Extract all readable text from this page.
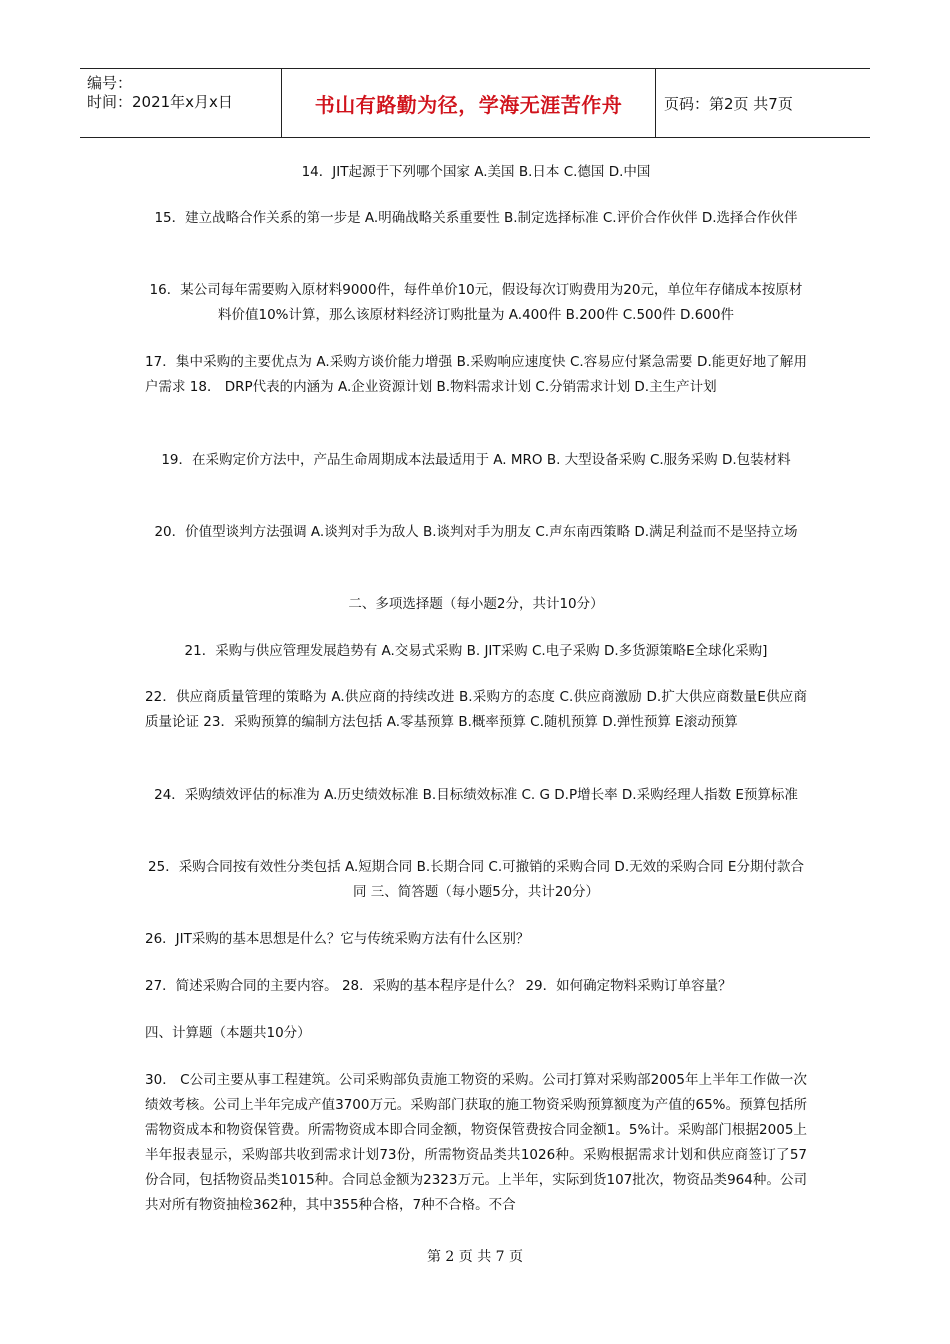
编号：
时间：2021年x月x日	书山有路勤为径，学海无涯苦作舟	页码：第2页 共7页
14．JIT起源于下列哪个国家 A.美国 B.日本 C.德国 D.中国
15．建立战略合作关系的第一步是 A.明确战略关系重要性 B.制定选择标准 C.评价合作伙伴 D.选择合作伙伴
16．某公司每年需要购入原材料9000件，每件单价10元，假设每次订购费用为20元，单位年存储成本按原材料价值10%计算，那么该原材料经济订购批量为 A.400件 B.200件 C.500件 D.600件
17．集中采购的主要优点为 A.采购方谈价能力增强 B.采购响应速度快 C.容易应付紧急需要 D.能更好地了解用户需求 18． DRP代表的内涵为 A.企业资源计划 B.物料需求计划 C.分销需求计划 D.主生产计划
19．在采购定价方法中，产品生命周期成本法最适用于 A. MRO B. 大型设备采购 C.服务采购 D.包装材料
20．价值型谈判方法强调 A.谈判对手为敌人 B.谈判对手为朋友 C.声东南西策略 D.满足利益而不是坚持立场
二、多项选择题（每小题2分，共计10分）
21．采购与供应管理发展趋势有 A.交易式采购 B. JIT采购 C.电子采购 D.多货源策略E全球化采购]
22．供应商质量管理的策略为 A.供应商的持续改进 B.采购方的态度 C.供应商激励 D.扩大供应商数量E供应商质量论证 23．采购预算的编制方法包括 A.零基预算 B.概率预算 C.随机预算 D.弹性预算 E滚动预算
24．采购绩效评估的标准为 A.历史绩效标准 B.目标绩效标准 C. G D.P增长率 D.采购经理人指数 E预算标准
25．采购合同按有效性分类包括 A.短期合同 B.长期合同 C.可撤销的采购合同 D.无效的采购合同 E分期付款合同 三、简答题（每小题5分，共计20分）
26．JIT采购的基本思想是什么？它与传统采购方法有什么区别？
27．简述采购合同的主要内容。 28．采购的基本程序是什么？ 29．如何确定物料采购订单容量？
四、计算题（本题共10分）
30． C公司主要从事工程建筑。公司采购部负责施工物资的采购。公司打算对采购部2005年上半年工作做一次绩效考核。公司上半年完成产值3700万元。采购部门获取的施工物资采购预算额度为产值的65%。预算包括所需物资成本和物资保管费。所需物资成本即合同金额，物资保管费按合同金额1。5%计。采购部门根据2005上半年报表显示，采购部共收到需求计划73份，所需物资品类共1026种。采购根据需求计划和供应商签订了57份合同，包括物资品类1015种。合同总金额为2323万元。上半年，实际到货107批次，物资品类964种。公司共对所有物资抽检362种，其中355种合格，7种不合格。不合
第 2 页 共 7 页
